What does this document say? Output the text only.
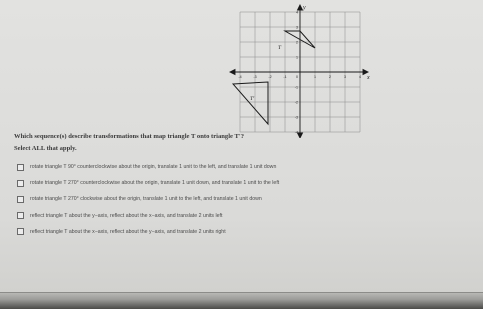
x
y
-4	-3	-2	-1	0	1	2	3	4
4
3
2
1
-1
-2
-3
-4
T
T'
Which sequence(s) describe transformations that map triangle T onto triangle T'?
Select ALL that apply.
rotate triangle T 90° counterclockwise about the origin, translate 1 unit to the left, and translate 1 unit down
rotate triangle T 270° counterclockwise about the origin, translate 1 unit down, and translate 1 unit to the left
rotate triangle T 270° clockwise about the origin, translate 1 unit to the left, and translate 1 unit down
reflect triangle T about the y−axis, reflect about the x−axis, and translate 2 units left
reflect triangle T about the x−axis, reflect about the y−axis, and translate 2 units right
